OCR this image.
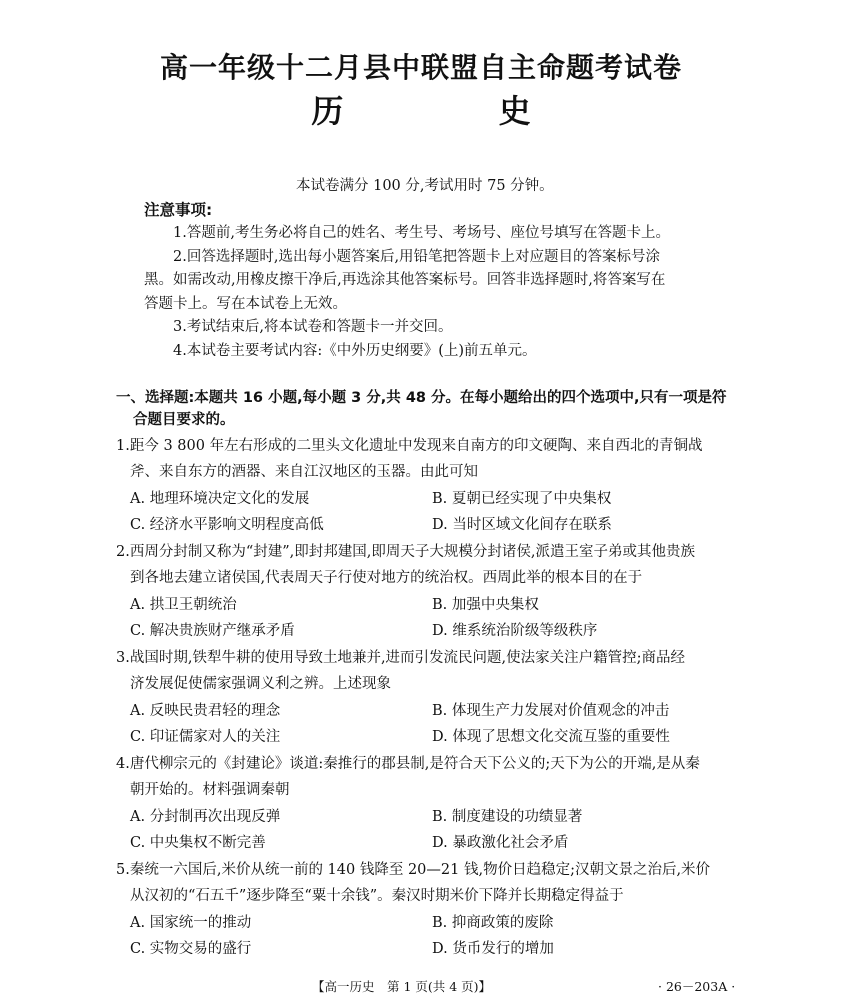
高一年级十二月县中联盟自主命题考试卷
历 史
本试卷满分 100 分,考试用时 75 分钟。
注意事项:
1.答题前,考生务必将自己的姓名、考生号、考场号、座位号填写在答题卡上。
2.回答选择题时,选出每小题答案后,用铅笔把答题卡上对应题目的答案标号涂
黑。如需改动,用橡皮擦干净后,再选涂其他答案标号。回答非选择题时,将答案写在
答题卡上。写在本试卷上无效。
3.考试结束后,将本试卷和答题卡一并交回。
4.本试卷主要考试内容:《中外历史纲要》(上)前五单元。
一、选择题:本题共 16 小题,每小题 3 分,共 48 分。在每小题给出的四个选项中,只有一项是符
合题目要求的。
1.距今 3 800 年左右形成的二里头文化遗址中发现来自南方的印文硬陶、来自西北的青铜战
斧、来自东方的酒器、来自江汉地区的玉器。由此可知
A. 地理环境决定文化的发展	B. 夏朝已经实现了中央集权
C. 经济水平影响文明程度高低	D. 当时区域文化间存在联系
2.西周分封制又称为“封建”,即封邦建国,即周天子大规模分封诸侯,派遣王室子弟或其他贵族
到各地去建立诸侯国,代表周天子行使对地方的统治权。西周此举的根本目的在于
A. 拱卫王朝统治	B. 加强中央集权
C. 解决贵族财产继承矛盾	D. 维系统治阶级等级秩序
3.战国时期,铁犁牛耕的使用导致土地兼并,进而引发流民问题,使法家关注户籍管控;商品经
济发展促使儒家强调义利之辨。上述现象
A. 反映民贵君轻的理念	B. 体现生产力发展对价值观念的冲击
C. 印证儒家对人的关注	D. 体现了思想文化交流互鉴的重要性
4.唐代柳宗元的《封建论》谈道:秦推行的郡县制,是符合天下公义的;天下为公的开端,是从秦
朝开始的。材料强调秦朝
A. 分封制再次出现反弹	B. 制度建设的功绩显著
C. 中央集权不断完善	D. 暴政激化社会矛盾
5.秦统一六国后,米价从统一前的 140 钱降至 20—21 钱,物价日趋稳定;汉朝文景之治后,米价
从汉初的“石五千”逐步降至“粟十余钱”。秦汉时期米价下降并长期稳定得益于
A. 国家统一的推动	B. 抑商政策的废除
C. 实物交易的盛行	D. 货币发行的增加
【高一历史　第 1 页(共 4 页)】	· 26－203A ·
